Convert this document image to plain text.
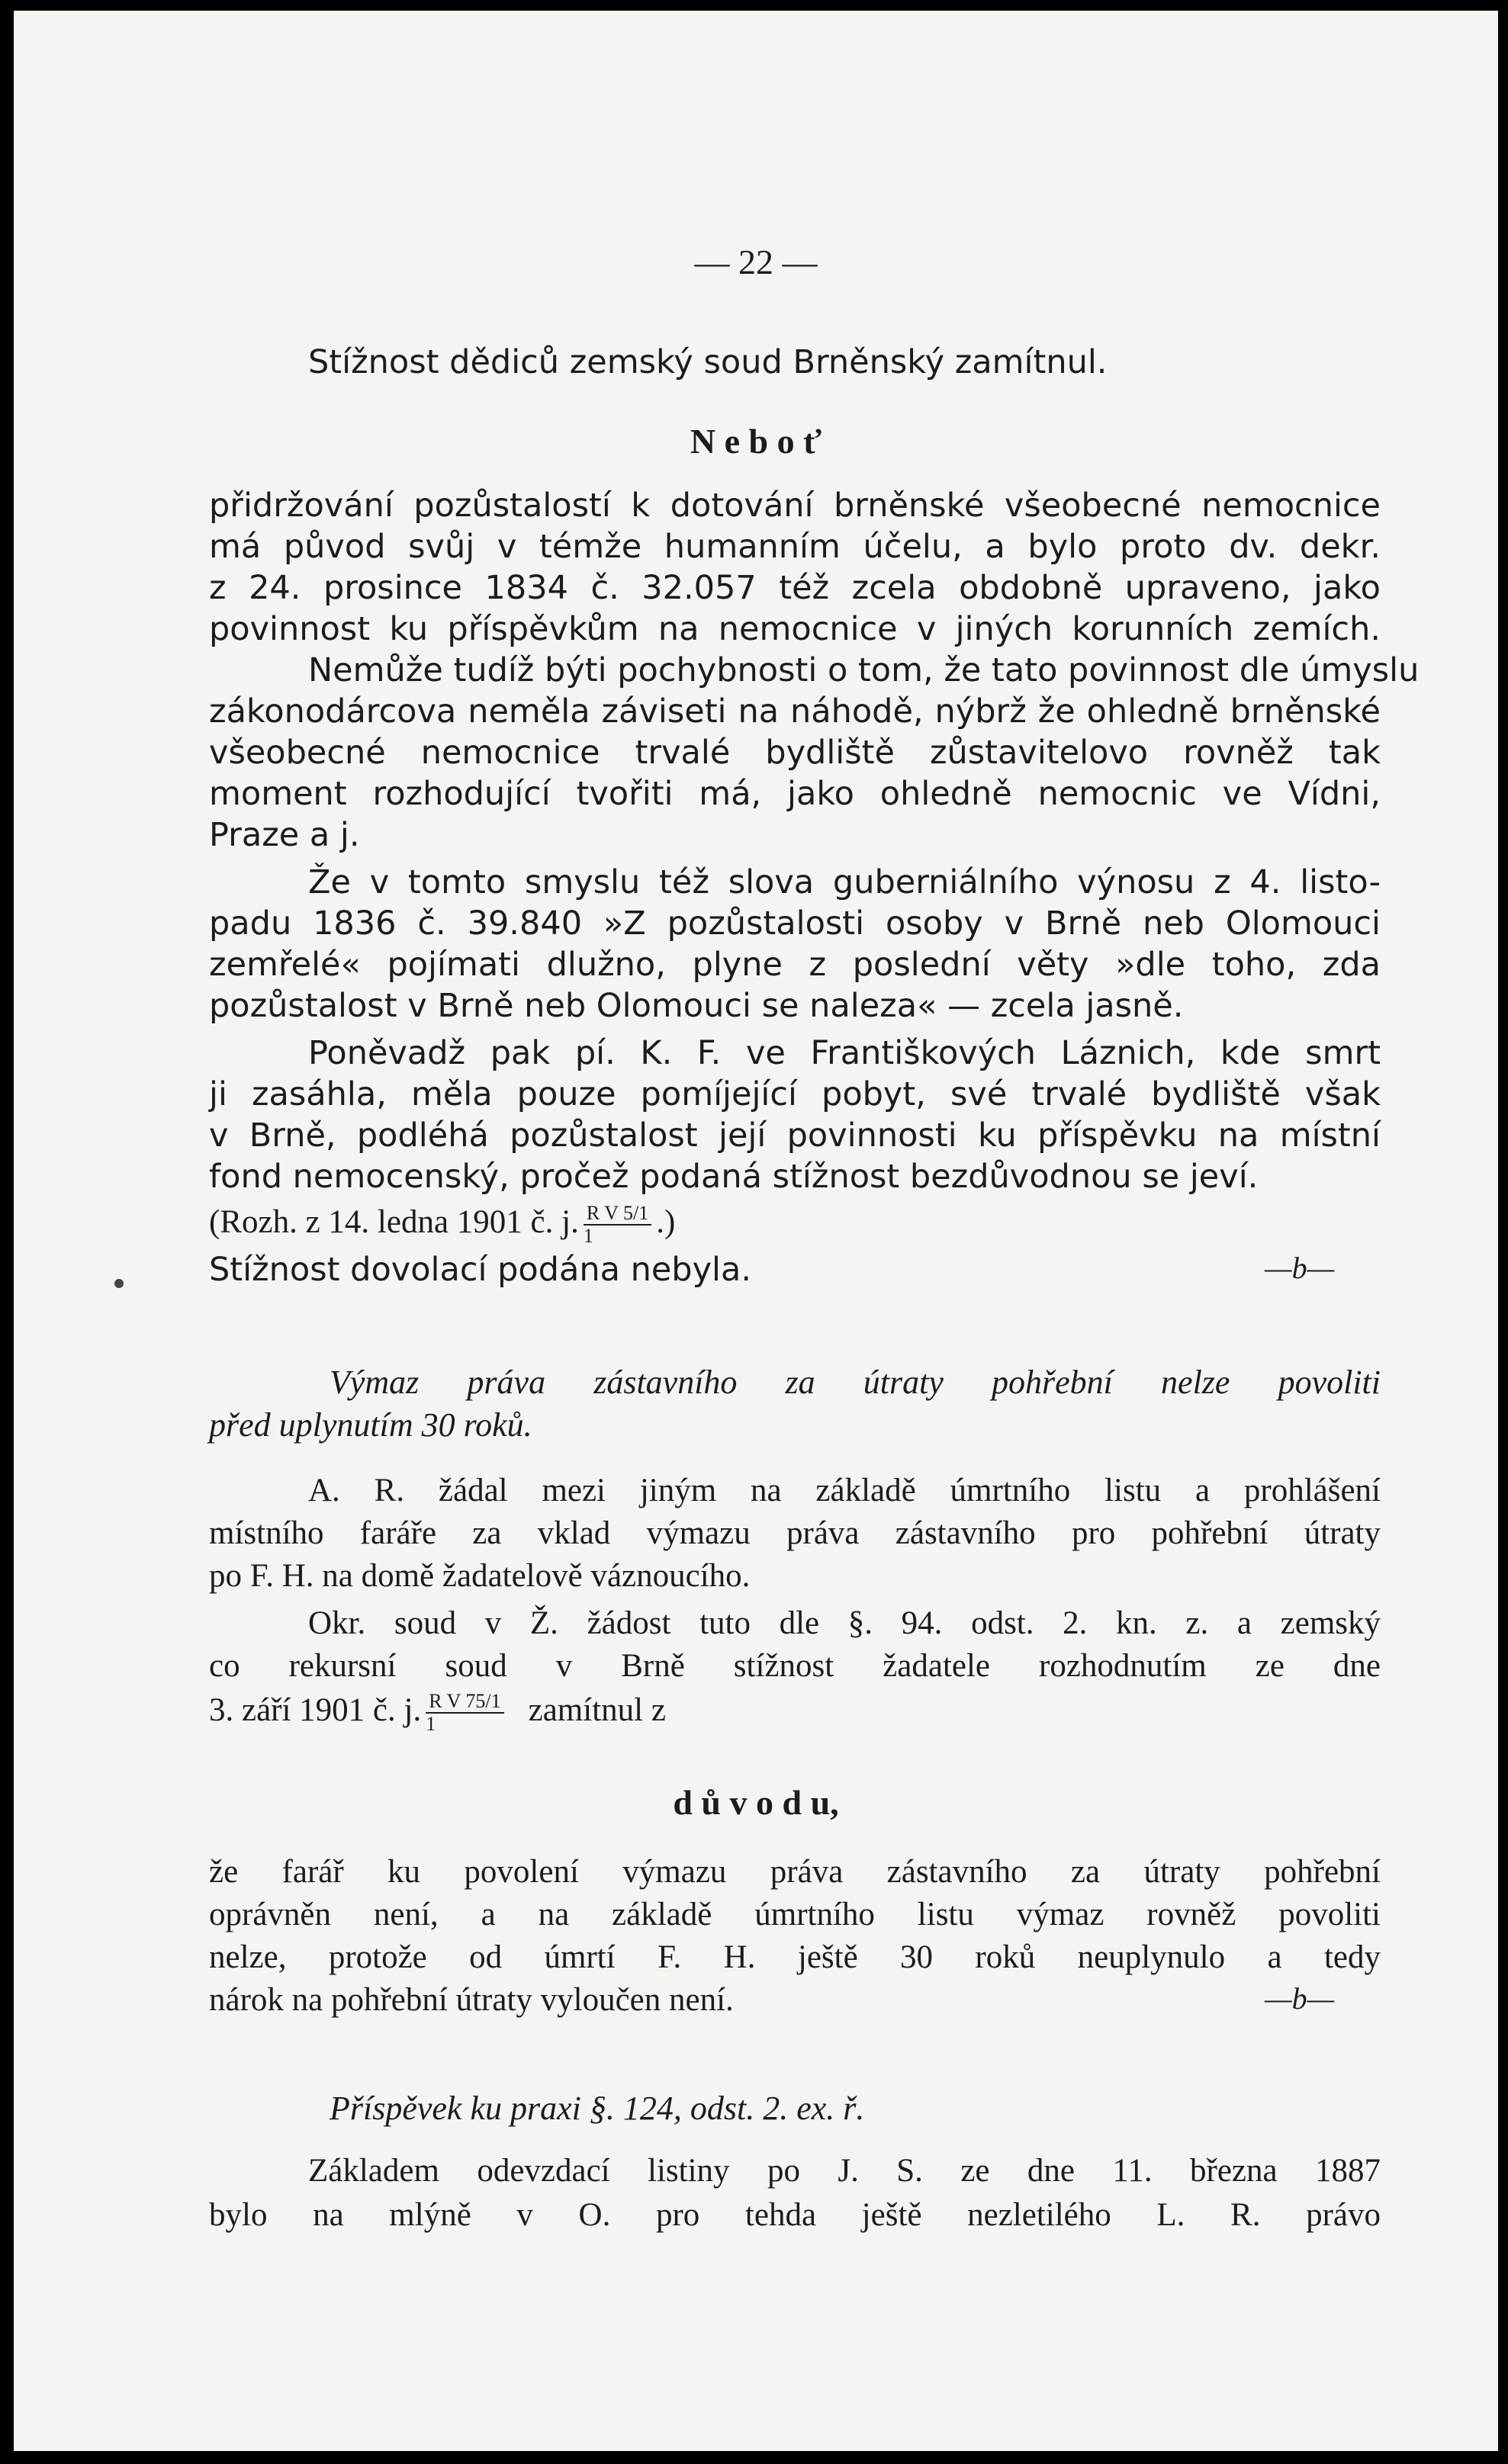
— 22 —
Stížnost dědiců zemský soud Brněnský zamítnul.
N e b o ť
přidržování pozůstalostí k dotování brněnské všeobecné nemocnice
má původ svůj v témže humanním účelu, a bylo proto dv. dekr.
z 24. prosince 1834 č. 32.057 též zcela obdobně upraveno, jako
povinnost ku příspěvkům na nemocnice v jiných korunních zemích.
Nemůže tudíž býti pochybnosti o tom, že tato povinnost dle úmyslu
zákonodárcova neměla záviseti na náhodě, nýbrž že ohledně brněnské
všeobecné nemocnice trvalé bydliště zůstavitelovo rovněž tak
moment rozhodující tvořiti má, jako ohledně nemocnic ve Vídni,
Praze a j.
Že v tomto smyslu též slova guberniálního výnosu z 4. listo-
padu 1836 č. 39.840 »Z pozůstalosti osoby v Brně neb Olomouci
zemřelé« pojímati dlužno, plyne z poslední věty »dle toho, zda
pozůstalost v Brně neb Olomouci se naleza« — zcela jasně.
Poněvadž pak pí. K. F. ve Františkových Láznich, kde smrt
ji zasáhla, měla pouze pomíjející pobyt, své trvalé bydliště však
v Brně, podléhá pozůstalost její povinnosti ku příspěvku na místní
fond nemocenský, pročež podaná stížnost bezdůvodnou se jeví.
(Rozh. z 14. ledna 1901 č. j. $\frac{\text{R V 5/1}}{1}$ .)
Stížnost dovolací podána nebyla.	—b—
Výmaz práva zástavního za útraty pohřební nelze povoliti
před uplynutím 30 roků.
A. R. žádal mezi jiným na základě úmrtního listu a prohlášení
místního faráře za vklad výmazu práva zástavního pro pohřební útraty
po F. H. na domě žadatelově váznoucího.
Okr. soud v Ž. žádost tuto dle §. 94. odst. 2. kn. z. a zemský
co rekursní soud v Brně stížnost žadatele rozhodnutím ze dne
3. září 1901 č. j. $\frac{\text{R V 75/1}}{1}$ zamítnul z
d ů v o d u,
že farář ku povolení výmazu práva zástavního za útraty pohřební
oprávněn není, a na základě úmrtního listu výmaz rovněž povoliti
nelze, protože od úmrtí F. H. ještě 30 roků neuplynulo a tedy
nárok na pohřební útraty vyloučen není.	—b—
Příspěvek ku praxi §. 124, odst. 2. ex. ř.
Základem odevzdací listiny po J. S. ze dne 11. března 1887
bylo na mlýně v O. pro tehda ještě nezletilého L. R. právo
